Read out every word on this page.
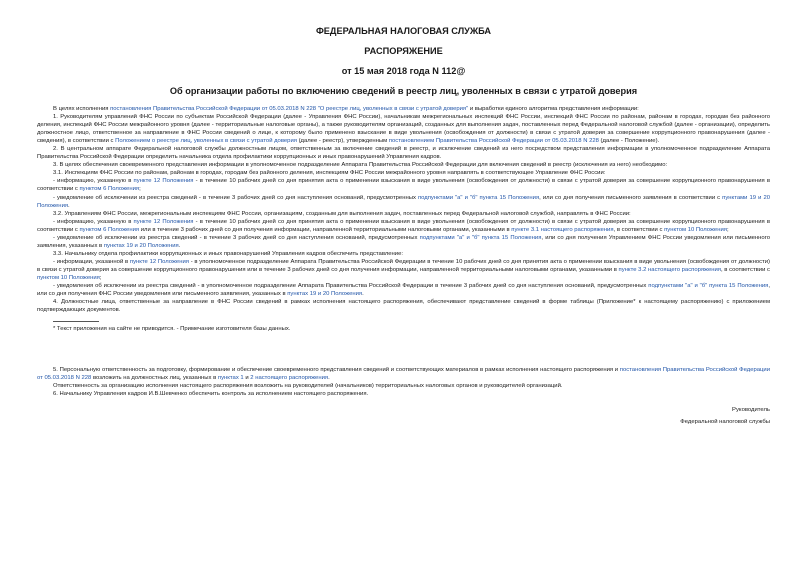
ФЕДЕРАЛЬНАЯ НАЛОГОВАЯ СЛУЖБА
РАСПОРЯЖЕНИЕ
от 15 мая 2018 года N 112@
Об организации работы по включению сведений в реестр лиц, уволенных в связи с утратой доверия

В целях исполнения постановления Правительства Российской Федерации от 05.03.2018 N 228 "О реестре лиц, уволенных в связи с утратой доверия" и выработки единого алгоритма представления информации:

1. Руководителям управлений ФНС России по субъектам Российской Федерации (далее - Управления ФНС России), начальникам межрегиональных инспекций ФНС России, инспекций ФНС России по районам, районам в городах, городам без районного деления, инспекций ФНС России межрайонного уровня (далее - территориальные налоговые органы), а также руководителям организаций, созданных для выполнения задач, поставленных перед Федеральной налоговой службой (далее - организации), определить должностное лицо, ответственное за направление в ФНС России сведений о лице, к которому было применено взыскание в виде увольнения (освобождения от должности) в связи с утратой доверия за совершение коррупционного правонарушения (далее - сведения), в соответствии с Положением о реестре лиц, уволенных в связи с утратой доверия (далее - реестр), утвержденным постановлением Правительства Российской Федерации от 05.03.2018 N 228 (далее - Положение).

2. В центральном аппарате Федеральной налоговой службы должностным лицом, ответственным за включение сведений в реестр, и исключение сведений из него посредством представления информации в уполномоченное подразделение Аппарата Правительства Российской Федерации определить начальника отдела профилактики коррупционных и иных правонарушений Управления кадров.

3. В целях обеспечения своевременного представления информации в уполномоченное подразделение Аппарата Правительства Российской Федерации для включения сведений в реестр (исключения из него) необходимо:

3.1. Инспекциям ФНС России по районам, районам в городах, городам без районного деления, инспекциям ФНС России межрайонного уровня направлять в соответствующее Управление ФНС России:

- информацию, указанную в пункте 12 Положения - в течение 10 рабочих дней со дня принятия акта о применении взыскания в виде увольнения (освобождения от должности) в связи с утратой доверия за совершение коррупционного правонарушения в соответствии с пунктом 6 Положения;

- уведомление об исключении из реестра сведений - в течение 3 рабочих дней со дня наступления оснований, предусмотренных подпунктами "а" и "б" пункта 15 Положения, или со дня получения письменного заявления в соответствии с пунктами 19 и 20 Положения.

3.2. Управлениям ФНС России, межрегиональным инспекциям ФНС России, организациям, созданным для выполнения задач, поставленных перед Федеральной налоговой службой, направлять в ФНС России:

- информацию, указанную в пункте 12 Положения - в течение 10 рабочих дней со дня принятия акта о применении взыскания в виде увольнения (освобождения от должности) в связи с утратой доверия за совершение коррупционного правонарушения в соответствии с пунктом 6 Положения или в течение 3 рабочих дней со дня получения информации, направленной территориальными налоговыми органами, указанными в пункте 3.1 настоящего распоряжения, в соответствии с пунктом 10 Положения;

- уведомление об исключении из реестра сведений - в течение 3 рабочих дней со дня наступления оснований, предусмотренных подпунктами "а" и "б" пункта 15 Положения, или со дня получения Управлением ФНС России уведомления или письменного заявления, указанных в пунктах 19 и 20 Положения.

3.3. Начальнику отдела профилактики коррупционных и иных правонарушений Управления кадров обеспечить представление:

- информации, указанной в пункте 12 Положения - в уполномоченное подразделение Аппарата Правительства Российской Федерации в течение 10 рабочих дней со дня принятия акта о применении взыскания в виде увольнения (освобождения от должности) в связи с утратой доверия за совершение коррупционного правонарушения или в течение 3 рабочих дней со дня получения информации, направленной территориальными налоговыми органами, указанными в пункте 3.2 настоящего распоряжения, в соответствии с пунктом 10 Положения;

- уведомления об исключении из реестра сведений - в уполномоченное подразделение Аппарата Правительства Российской Федерации в течение 3 рабочих дней со дня наступления оснований, предусмотренных подпунктами "а" и "б" пункта 15 Положения, или со дня получения ФНС России уведомления или письменного заявления, указанных в пунктах 19 и 20 Положения.

4. Должностные лица, ответственные за направление в ФНС России сведений в рамках исполнения настоящего распоряжения, обеспечивают представление сведений в форме таблицы (Приложение* к настоящему распоряжению) с приложением подтверждающих документов.

* Текст приложения на сайте не приводится. - Примечание изготовителя базы данных.

5. Персональную ответственность за подготовку, формирование и обеспечение своевременного представления сведений и соответствующих материалов в рамках исполнения настоящего распоряжения и постановления Правительства Российской Федерации от 05.03.2018 N 228 возложить на должностных лиц, указанных в пунктах 1 и 2 настоящего распоряжения.

Ответственность за организацию исполнения настоящего распоряжения возложить на руководителей (начальников) территориальных налоговых органов и руководителей организаций.

6. Начальнику Управления кадров И.В.Шевченко обеспечить контроль за исполнением настоящего распоряжения.

Руководитель

Федеральной налоговой службы
